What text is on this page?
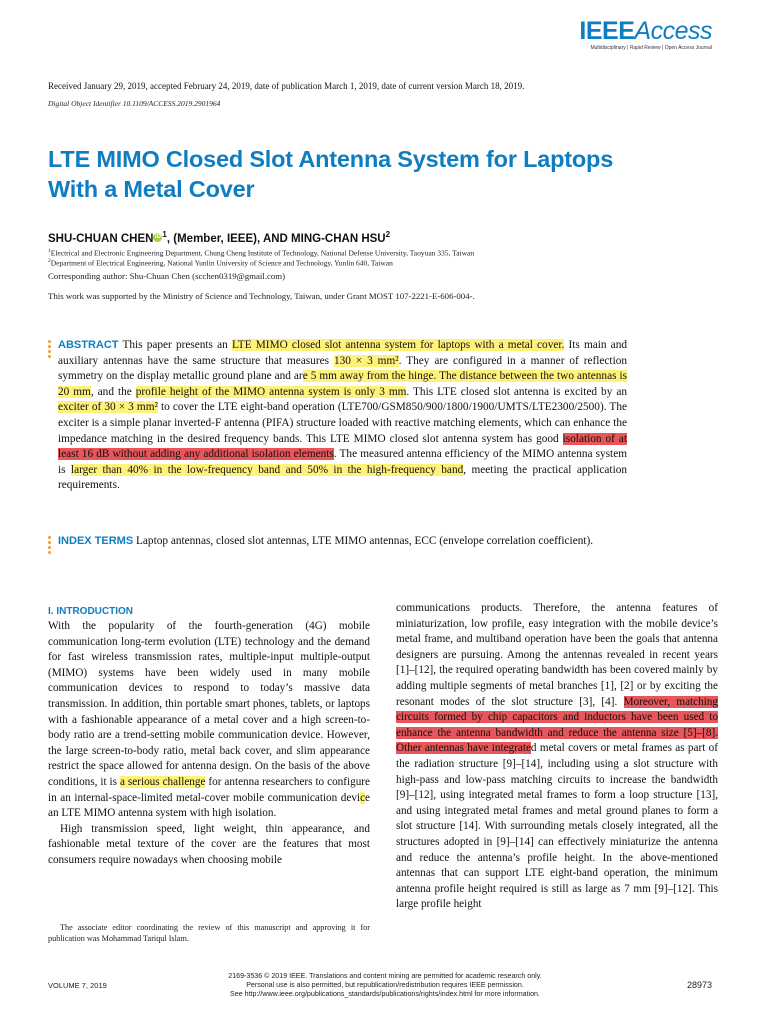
IEEEAccess
Multidisciplinary | Rapid Review | Open Access Journal
Received January 29, 2019, accepted February 24, 2019, date of publication March 1, 2019, date of current version March 18, 2019.
Digital Object Identifier 10.1109/ACCESS.2019.2901964
LTE MIMO Closed Slot Antenna System for Laptops With a Metal Cover
SHU-CHUAN CHEN iD $^1$, (Member, IEEE), AND MING-CHAN HSU$^2$
$^1$Electrical and Electronic Engineering Department, Chung Cheng Institute of Technology, National Defense University, Taoyuan 335, Taiwan
$^2$Department of Electrical Engineering, National Yunlin University of Science and Technology, Yunlin 640, Taiwan
Corresponding author: Shu-Chuan Chen (scchen0319@gmail.com)
This work was supported by the Ministry of Science and Technology, Taiwan, under Grant MOST 107-2221-E-606-004-.
ABSTRACT This paper presents an LTE MIMO closed slot antenna system for laptops with a metal cover. Its main and auxiliary antennas have the same structure that measures 130 × 3 mm². They are configured in a manner of reflection symmetry on the display metallic ground plane and are 5 mm away from the hinge. The distance between the two antennas is 20 mm, and the profile height of the MIMO antenna system is only 3 mm. This LTE closed slot antenna is excited by an exciter of 30 × 3 mm² to cover the LTE eight-band operation (LTE700/GSM850/900/1800/1900/UMTS/LTE2300/2500). The exciter is a simple planar inverted-F antenna (PIFA) structure loaded with reactive matching elements, which can enhance the impedance matching in the desired frequency bands. This LTE MIMO closed slot antenna system has good isolation of at least 16 dB without adding any additional isolation elements. The measured antenna efficiency of the MIMO antenna system is larger than 40% in the low-frequency band and 50% in the high-frequency band, meeting the practical application requirements.
INDEX TERMS Laptop antennas, closed slot antennas, LTE MIMO antennas, ECC (envelope correlation coefficient).
I. INTRODUCTION

With the popularity of the fourth-generation (4G) mobile communication long-term evolution (LTE) technology and the demand for fast wireless transmission rates, multiple-input multiple-output (MIMO) systems have been widely used in many mobile communication devices to respond to today’s massive data transmission. In addition, thin portable smart phones, tablets, or laptops with a fashionable appearance of a metal cover and a high screen-to-body ratio are a trend-setting mobile communication device. However, the large screen-to-body ratio, metal back cover, and slim appearance restrict the space allowed for antenna design. On the basis of the above conditions, it is a serious challenge for antenna researchers to configure in an internal-space-limited metal-cover mobile communication device an LTE MIMO antenna system with high isolation.

High transmission speed, light weight, thin appearance, and fashionable metal texture of the cover are the features that most consumers require nowadays when choosing mobile

The associate editor coordinating the review of this manuscript and approving it for publication was Mohammad Tariqul Islam.

communications products. Therefore, the antenna features of miniaturization, low profile, easy integration with the mobile device’s metal frame, and multiband operation have been the goals that antenna designers are pursuing. Among the antennas revealed in recent years [1]–[12], the required operating bandwidth has been covered mainly by adding multiple segments of metal branches [1], [2] or by exciting the resonant modes of the slot structure [3], [4]. Moreover, matching circuits formed by chip capacitors and inductors have been used to enhance the antenna bandwidth and reduce the antenna size [5]–[8]. Other antennas have integrated metal covers or metal frames as part of the radiation structure [9]–[14], including using a slot structure with high-pass and low-pass matching circuits to increase the bandwidth [9]–[12], using integrated metal frames to form a loop structure [13], and using integrated metal frames and metal ground planes to form a slot structure [14]. With surrounding metals closely integrated, all the structures adopted in [9]–[14] can effectively miniaturize the antenna and reduce the antenna’s profile height. In the above-mentioned antennas that can support LTE eight-band operation, the minimum antenna profile height required is still as large as 7 mm [9]–[12]. This large profile height

VOLUME 7, 2019
2169-3536 © 2019 IEEE. Translations and content mining are permitted for academic research only.
Personal use is also permitted, but republication/redistribution requires IEEE permission.
See http://www.ieee.org/publications_standards/publications/rights/index.html for more information.
28973
